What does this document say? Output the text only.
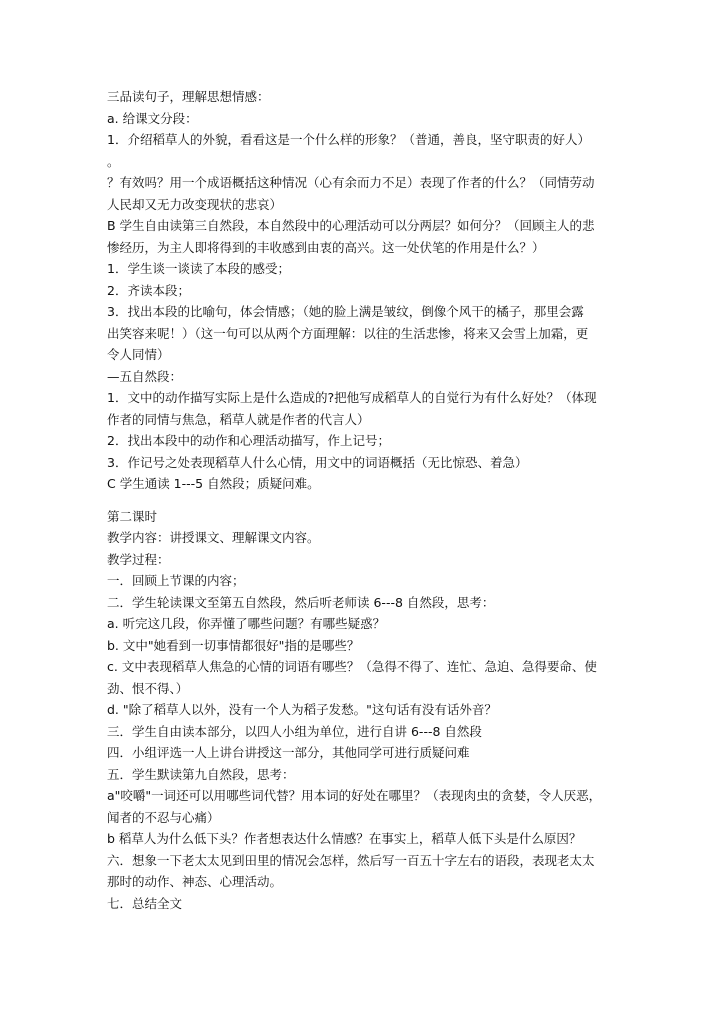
三品读句子，理解思想情感：
a. 给课文分段：
1．介绍稻草人的外貌，看看这是一个什么样的形象？（普通，善良，坚守职责的好人）
。
？有效吗？用一个成语概括这种情况（心有余而力不足）表现了作者的什么？（同情劳动
人民却又无力改变现状的悲哀）
B 学生自由读第三自然段，本自然段中的心理活动可以分两层？如何分？（回顾主人的悲
惨经历，为主人即将得到的丰收感到由衷的高兴。这一处伏笔的作用是什么？）
1．学生谈一谈读了本段的感受；
2．齐读本段；
3．找出本段的比喻句，体会情感；（她的脸上满是皱纹，倒像个风干的橘子，那里会露
出笑容来呢！）（这一句可以从两个方面理解：以往的生活悲惨，将来又会雪上加霜，更
令人同情）
—五自然段：
1．文中的动作描写实际上是什么造成的?把他写成稻草人的自觉行为有什么好处？（体现
作者的同情与焦急，稻草人就是作者的代言人）
2．找出本段中的动作和心理活动描写，作上记号；
3．作记号之处表现稻草人什么心情，用文中的词语概括（无比惊恐、着急）
C 学生通读 1---5 自然段；质疑问难。
第二课时
教学内容：讲授课文、理解课文内容。
教学过程：
一．回顾上节课的内容；
二．学生轮读课文至第五自然段，然后听老师读 6---8 自然段，思考：
a. 听完这几段，你弄懂了哪些问题？有哪些疑惑？
b. 文中"她看到一切事情都很好"指的是哪些？
c. 文中表现稻草人焦急的心情的词语有哪些？（急得不得了、连忙、急迫、急得要命、使
劲、恨不得、）
d. "除了稻草人以外，没有一个人为稻子发愁。"这句话有没有话外音？
三．学生自由读本部分，以四人小组为单位，进行自讲 6---8 自然段
四．小组评选一人上讲台讲授这一部分，其他同学可进行质疑问难
五．学生默读第九自然段，思考：
a"咬嚼"一词还可以用哪些词代替？用本词的好处在哪里？（表现肉虫的贪婪，令人厌恶，
闻者的不忍与心痛）
b 稻草人为什么低下头？作者想表达什么情感？在事实上，稻草人低下头是什么原因？
六．想象一下老太太见到田里的情况会怎样，然后写一百五十字左右的语段，表现老太太
那时的动作、神态、心理活动。
七．总结全文
